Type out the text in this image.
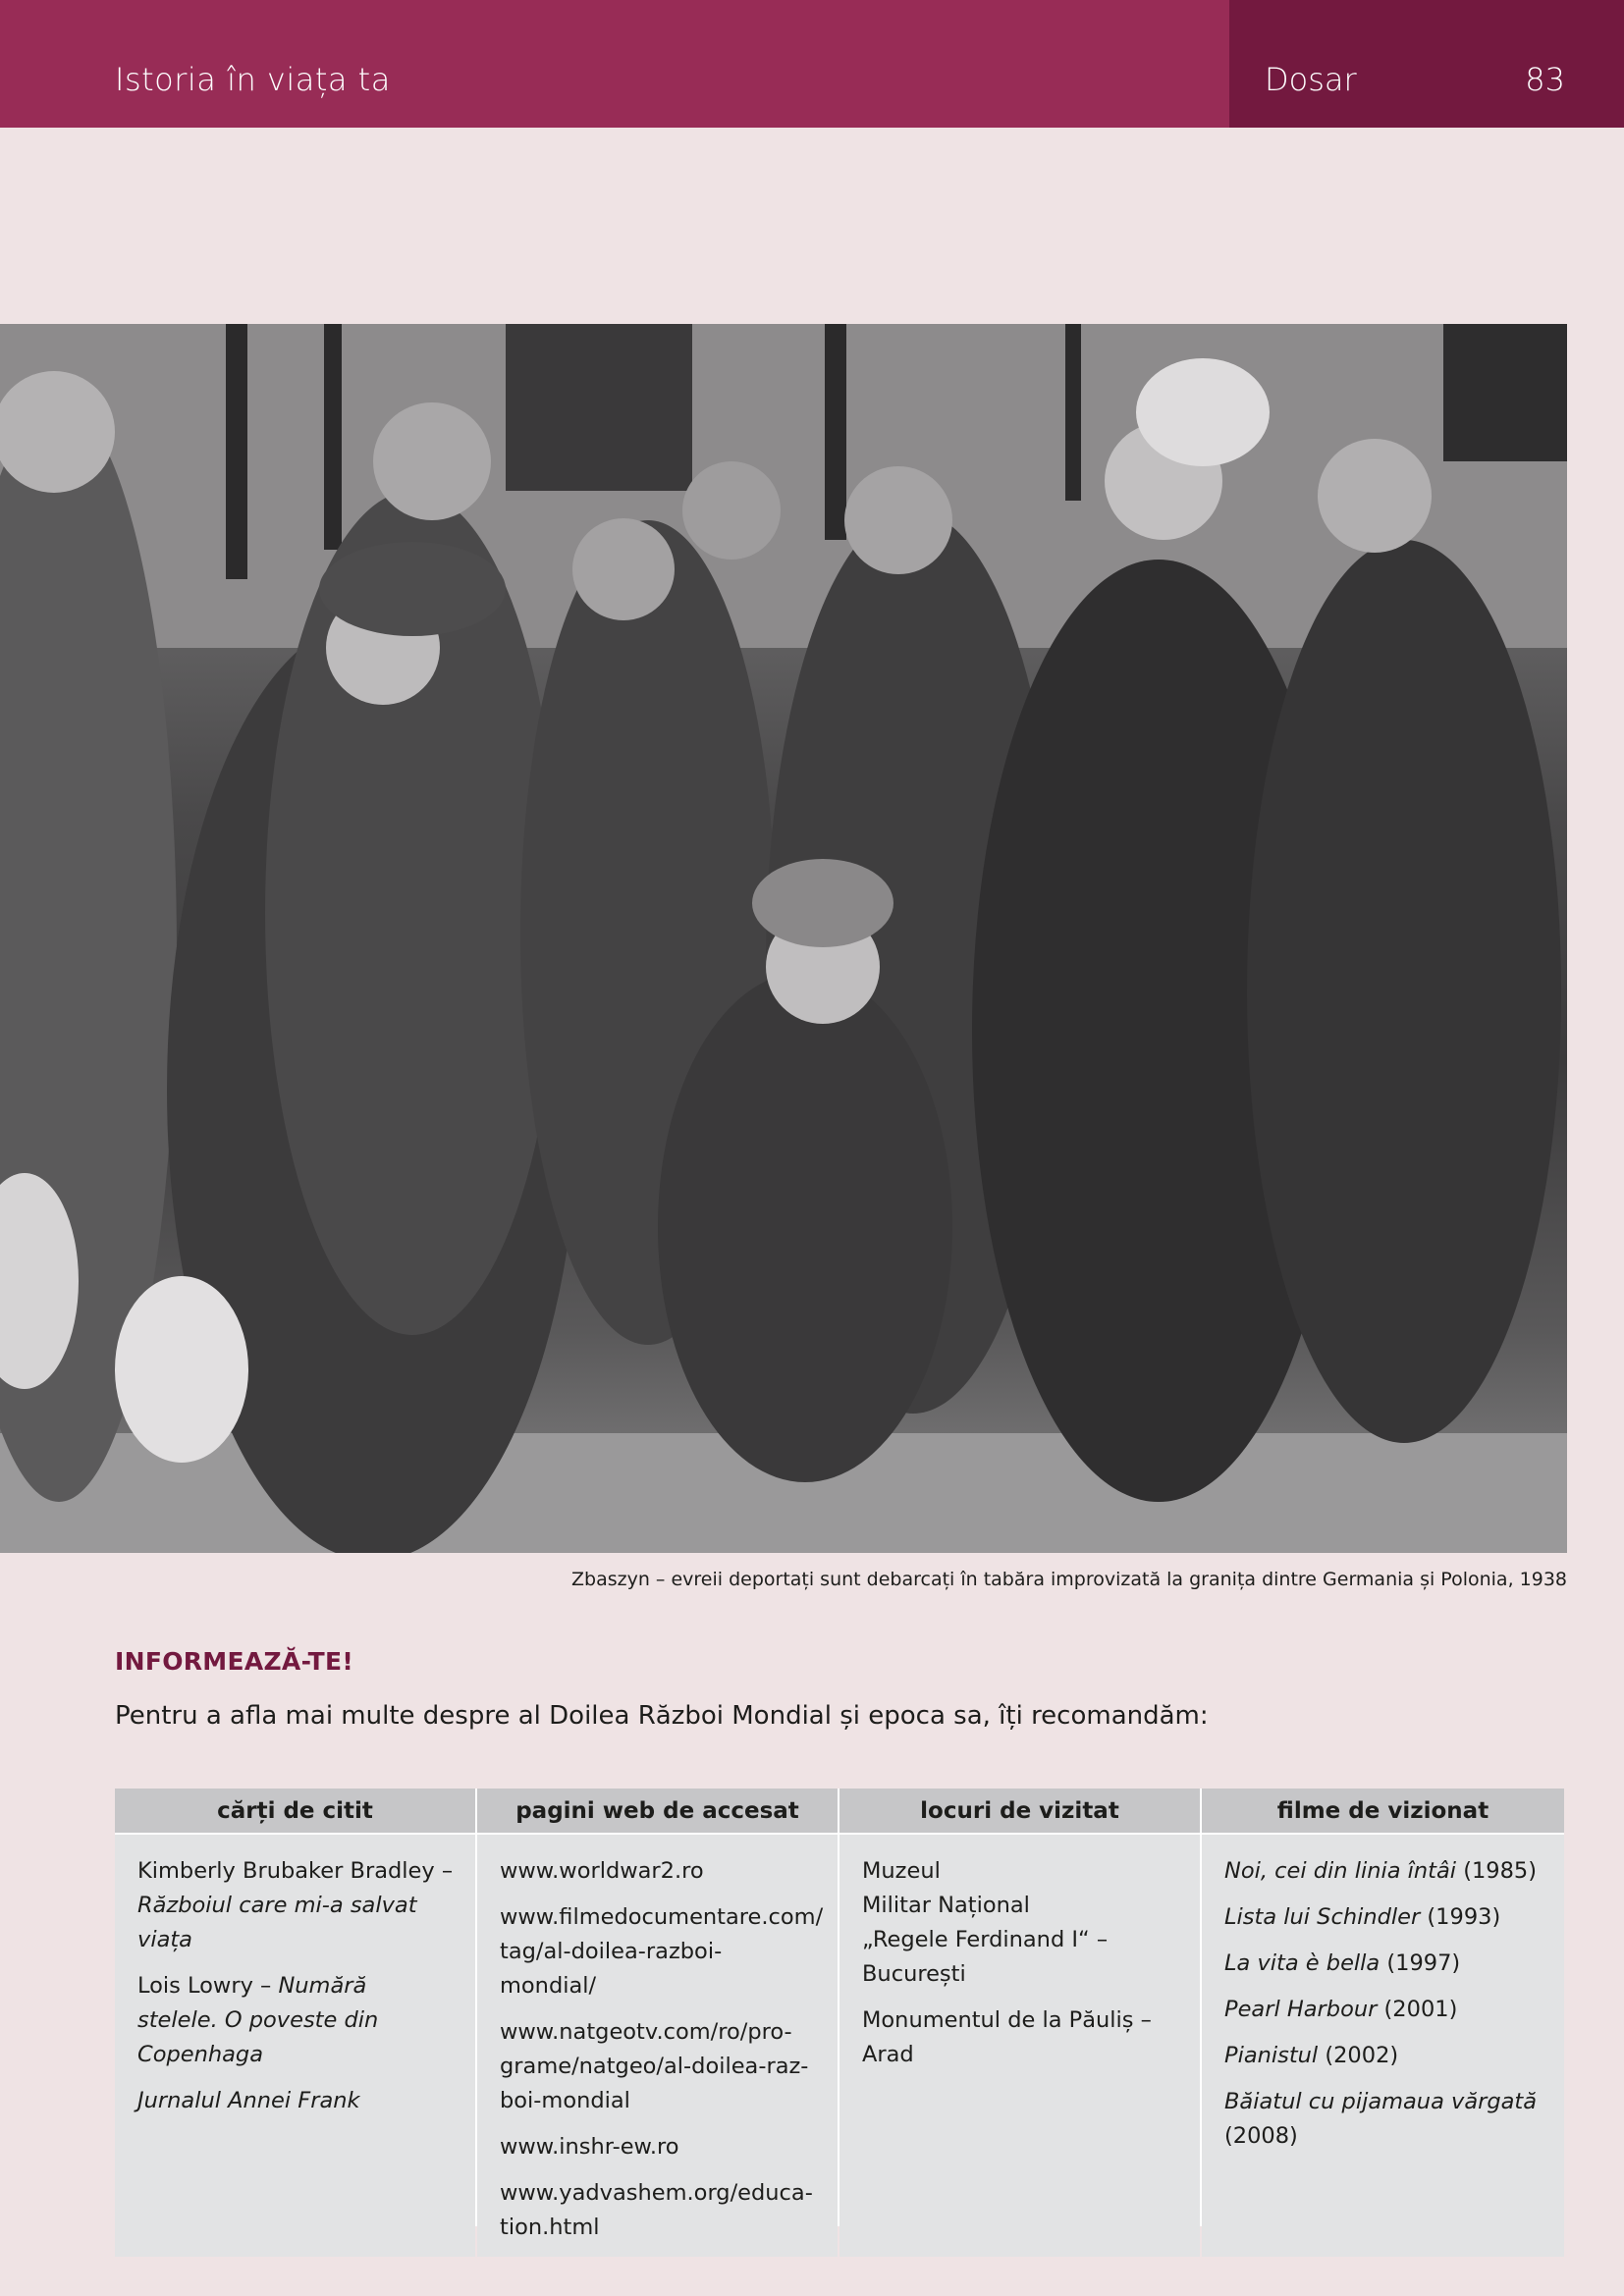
Istoria în viața ta	Dosar	83
Zbaszyn – evreii deportați sunt debarcați în tabăra improvizată la granița dintre Germania și Polonia, 1938
INFORMEAZĂ-TE!
Pentru a afla mai multe despre al Doilea Război Mondial și epoca sa, îți recomandăm:
cărți de citit
Kimberly Brubaker Bradley – Războiul care mi-a salvat viața
Lois Lowry – Numără stelele. O poveste din Copenhaga
Jurnalul Annei Frank
pagini web de accesat
www.worldwar2.ro
www.filmedocumentare.com/ tag/al-doilea-razboi-mondial/
www.natgeotv.com/ro/pro-grame/natgeo/al-doilea-raz-boi-mondial
www.inshr-ew.ro
www.yadvashem.org/educa-tion.html
locuri de vizitat
Muzeul
Militar Național
„Regele Ferdinand I“ –
București
Monumentul de la Păuliș –
Arad
filme de vizionat
Noi, cei din linia întâi (1985)
Lista lui Schindler (1993)
La vita è bella (1997)
Pearl Harbour (2001)
Pianistul (2002)
Băiatul cu pijamaua vărgată (2008)
